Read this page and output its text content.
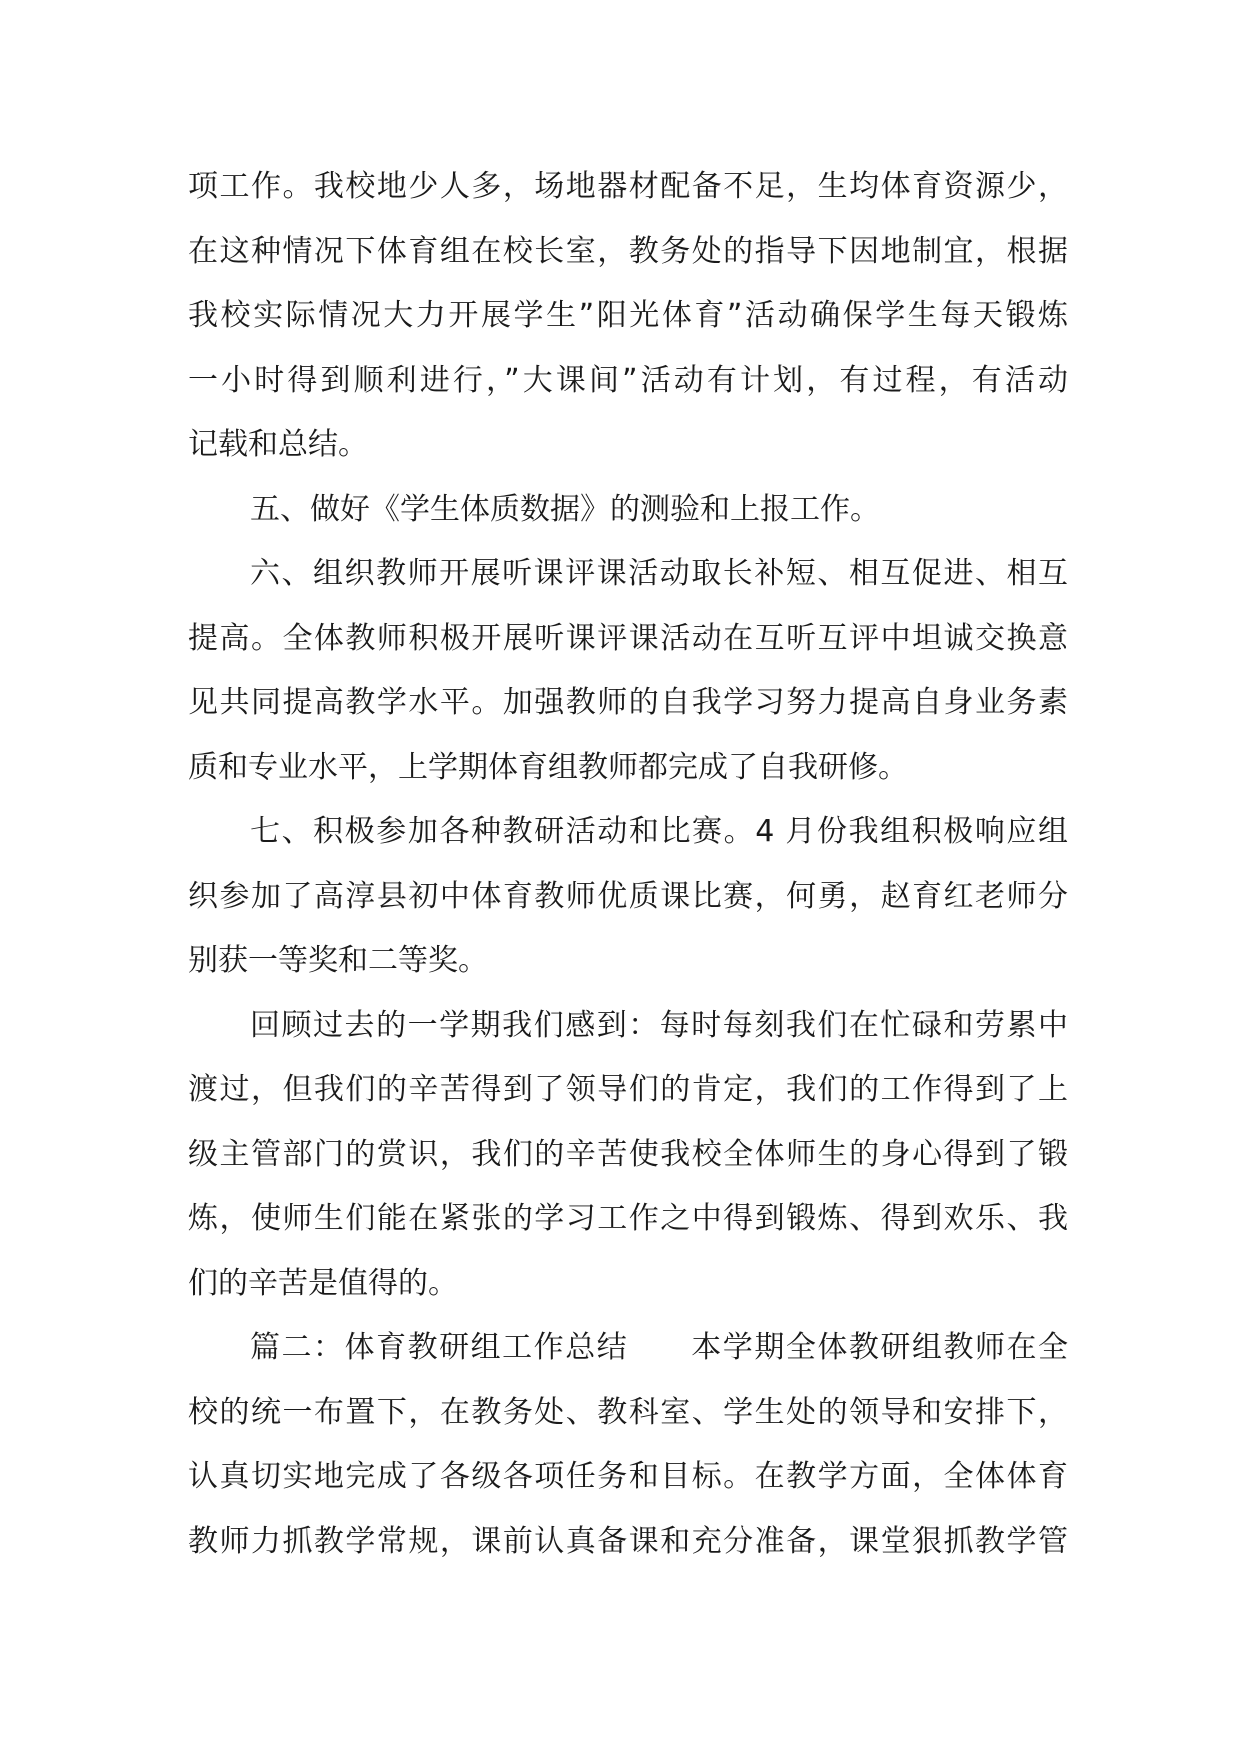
项工作。我校地少人多，场地器材配备不足，生均体育资源少，
在这种情况下体育组在校长室，教务处的指导下因地制宜，根据
我校实际情况大力开展学生”阳光体育”活动确保学生每天锻炼
一小时得到顺利进行，”大课间”活动有计划，有过程，有活动
记载和总结。
五、做好《学生体质数据》的测验和上报工作。
六、组织教师开展听课评课活动取长补短、相互促进、相互
提高。全体教师积极开展听课评课活动在互听互评中坦诚交换意
见共同提高教学水平。加强教师的自我学习努力提高自身业务素
质和专业水平，上学期体育组教师都完成了自我研修。
七、积极参加各种教研活动和比赛。4 月份我组积极响应组
织参加了高淳县初中体育教师优质课比赛，何勇，赵育红老师分
别获一等奖和二等奖。
回顾过去的一学期我们感到：每时每刻我们在忙碌和劳累中
渡过，但我们的辛苦得到了领导们的肯定，我们的工作得到了上
级主管部门的赏识，我们的辛苦使我校全体师生的身心得到了锻
炼，使师生们能在紧张的学习工作之中得到锻炼、得到欢乐、我
们的辛苦是值得的。
篇二：体育教研组工作总结　　本学期全体教研组教师在全
校的统一布置下，在教务处、教科室、学生处的领导和安排下，
认真切实地完成了各级各项任务和目标。在教学方面，全体体育
教师力抓教学常规，课前认真备课和充分准备，课堂狠抓教学管
